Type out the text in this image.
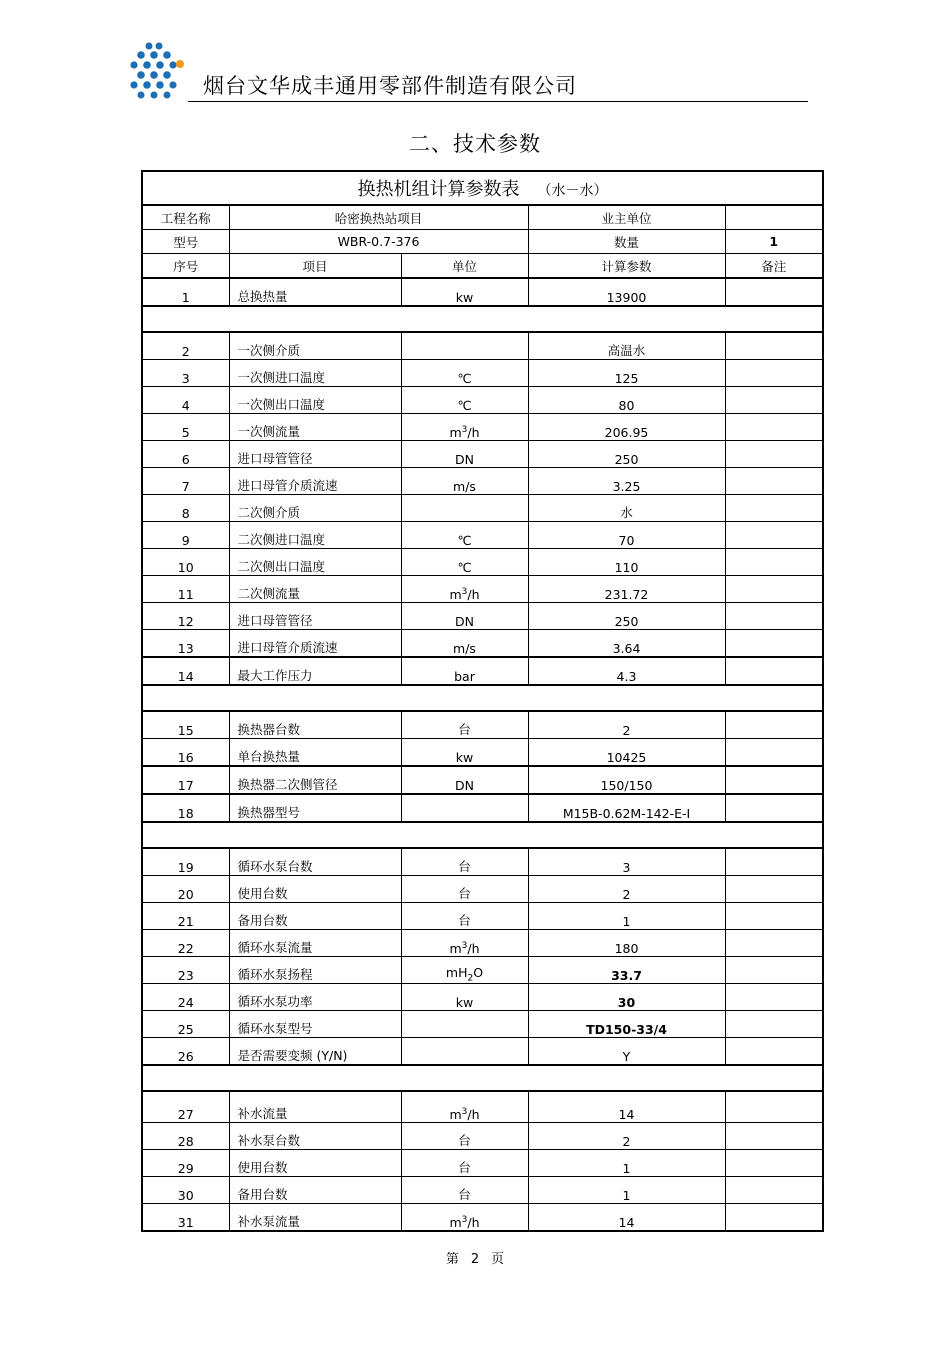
烟台文华成丰通用零部件制造有限公司
二、技术参数
换热机组计算参数表 （水－水）				
工程名称	哈密换热站项目		业主单位	
型号	WBR-0.7-376		数量	1
序号	项目	单位	计算参数	备注
1	总换热量	kw	13900	

2	一次侧介质		高温水	
3	一次侧进口温度	℃	125	
4	一次侧出口温度	℃	80	
5	一次侧流量	$m^3/h$	206.95	
6	进口母管管径	DN	250	
7	进口母管介质流速	m/s	3.25	
8	二次侧介质		水	
9	二次侧进口温度	℃	70	
10	二次侧出口温度	℃	110	
11	二次侧流量	$m^3/h$	231.72	
12	进口母管管径	DN	250	
13	进口母管介质流速	m/s	3.64	
14	最大工作压力	bar	4.3	

15	换热器台数	台	2	
16	单台换热量	kw	10425	
17	换热器二次侧管径	DN	150/150	
18	换热器型号		M15B-0.62M-142-E-I	

19	循环水泵台数	台	3	
20	使用台数	台	2	
21	备用台数	台	1	
22	循环水泵流量	$m^3/h$	180	
23	循环水泵扬程	$mH_2O$	33.7	
24	循环水泵功率	kw	30	
25	循环水泵型号		TD150-33/4	
26	是否需要变频 (Y/N)		Y	

27	补水流量	$m^3/h$	14	
28	补水泵台数	台	2	
29	使用台数	台	1	
30	备用台数	台	1	
31	补水泵流量	$m^3/h$	14	
第 2 页
